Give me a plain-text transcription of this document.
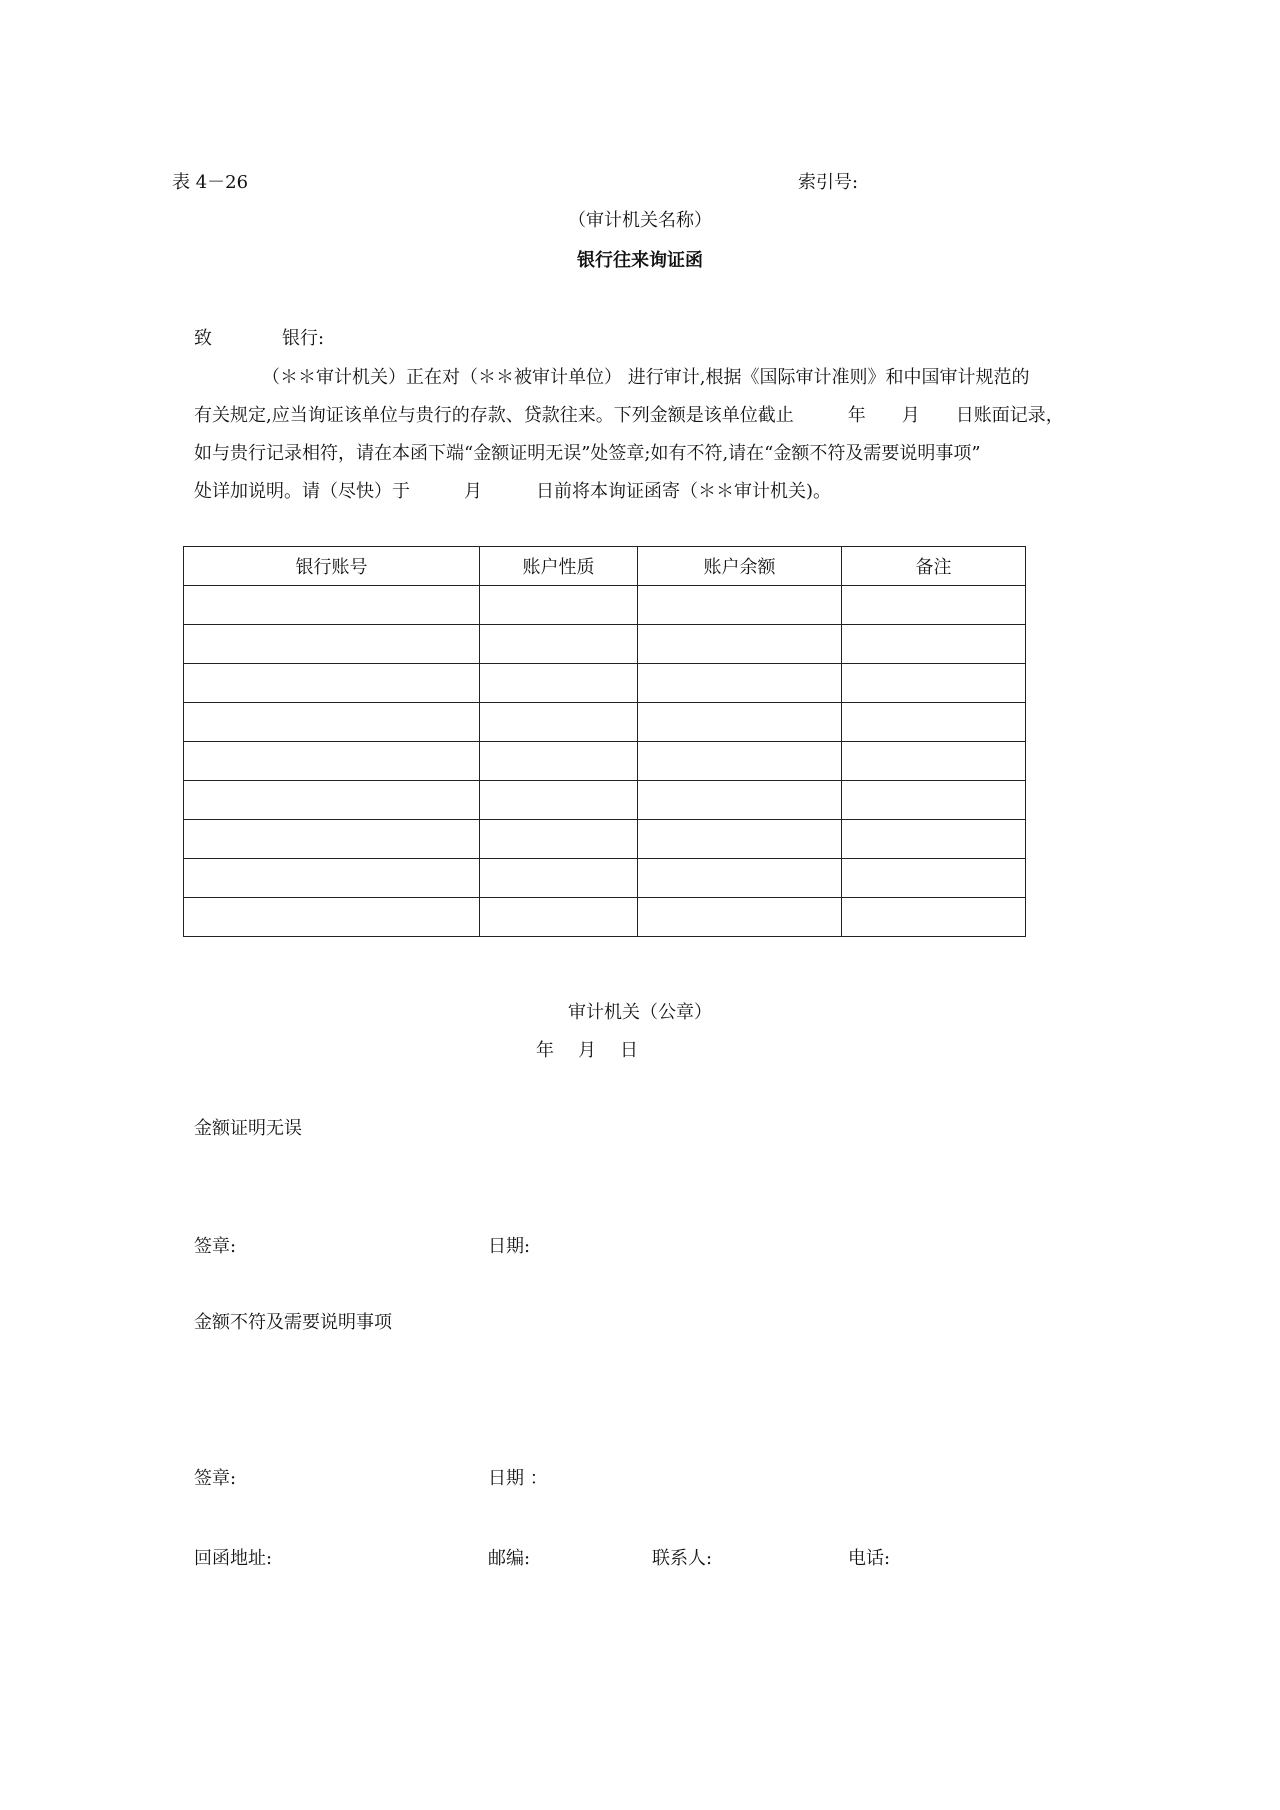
表 4－26	索引号:
（审计机关名称）
银行往来询证函
致	银行:
（＊＊审计机关）正在对（＊＊被审计单位） 进行审计,根据《国际审计准则》和中国审计规范的
有关规定,应当询证该单位与贵行的存款、贷款往来。下列金额是该单位截止　　　年　　月　　日账面记录，
如与贵行记录相符，请在本函下端“金额证明无误”处签章;如有不符,请在“金额不符及需要说明事项”
处详加说明。请（尽快）于　　　月　　　日前将本询证函寄（＊＊审计机关)。
银行账号	账户性质	账户余额	备注

审计机关（公章）
年 月 日
金额证明无误
签章:	日期:
金额不符及需要说明事项
签章:	日期 ：
回函地址:	邮编:	联系人:	电话:
